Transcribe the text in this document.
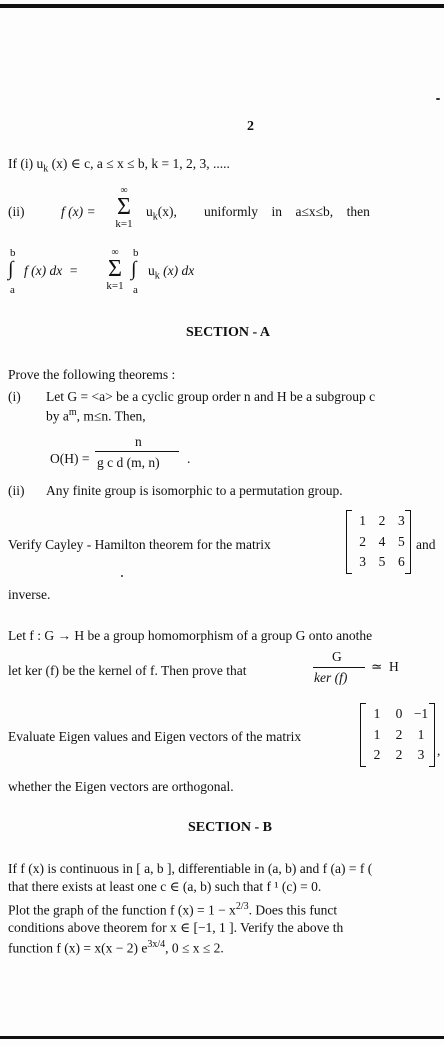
2
If (i) $u_k$ (x) ∈ c, a ≤ x ≤ b, k = 1, 2, 3, .....
(ii)	f (x) =
∞
Σ
k=1
$u_k(x)$, uniformly    in    a≤x≤b,    then
b
∫
a
f (x) dx  =
∞
Σ
k=1
b
∫
a
$u_k$ (x) dx
SECTION - A
Prove the following theorems :
(i) Let G = <a> be a cyclic group order n and H be a subgroup c
by $a^m$, m≤n. Then,
O(H) =
n
g c d (m, n) .
(ii) Any finite group is isomorphic to a permutation group.
Verify Cayley - Hamilton theorem for the matrix
1 2 3
2 4 5
3 5 6
and
inverse.
Let f : G → H be a group homomorphism of a group G onto anothe
let ker (f) be the kernel of f. Then prove that
G
ker (f)
≃  H
Evaluate Eigen values and Eigen vectors of the matrix
1	0 −1
1	2	1
2	2	3 ,
whether the Eigen vectors are orthogonal.
SECTION - B
If f (x) is continuous in [ a, b ], differentiable in (a, b) and f (a) = f (
that there exists at least one c ∈ (a, b) such that f ¹ (c) = 0.
Plot the graph of the function f $(x) = 1 - x^{2/3}$. Does this funct
conditions above theorem for x ∈ [−1, 1 ]. Verify the above th
function f (x) = x(x − 2) $e^{3x/4}$, 0 ≤ x ≤ 2.
